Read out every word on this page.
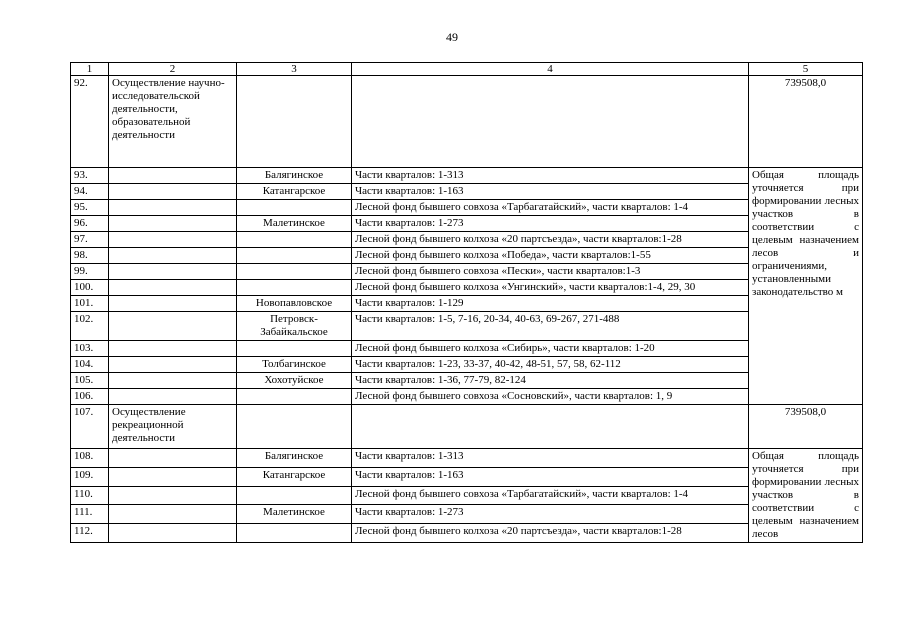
49
1	2	3	4	5
92.	Осуществление научно-исследовательской деятельности, образовательной деятельности			739508,0
93.		Балягинское	Части кварталов: 1-313	Общая площадь уточняется при формировании лесных участков в соответствии с целевым назначением лесов и ограничениями, установленными законодательство м
94.		Катангарское	Части кварталов: 1-163	
95.			Лесной фонд бывшего совхоза «Тарбагатайский», части кварталов: 1-4	
96.		Малетинское	Части кварталов: 1-273	
97.			Лесной фонд бывшего колхоза «20 партсъезда», части кварталов:1-28	
98.			Лесной фонд бывшего колхоза «Победа», части кварталов:1-55	
99.			Лесной фонд бывшего совхоза «Пески», части кварталов:1-3	
100.			Лесной фонд бывшего колхоза «Унгинский», части кварталов:1-4, 29, 30	
101.		Новопавловское	Части кварталов: 1-129	
102.		Петровск-Забайкальское	Части кварталов: 1-5, 7-16, 20-34, 40-63, 69-267, 271-488	
103.			Лесной фонд бывшего колхоза «Сибирь», части кварталов: 1-20	
104.		Толбагинское	Части кварталов: 1-23, 33-37, 40-42, 48-51, 57, 58, 62-112	
105.		Хохотуйское	Части кварталов: 1-36, 77-79, 82-124	
106.			Лесной фонд бывшего совхоза «Сосновский», части кварталов: 1, 9	
107.	Осуществление рекреационной деятельности			739508,0
108.		Балягинское	Части кварталов: 1-313	Общая площадь уточняется при формировании лесных участков в соответствии с целевым назначением лесов
109.		Катангарское	Части кварталов: 1-163	
110.			Лесной фонд бывшего совхоза «Тарбагатайский», части кварталов: 1-4	
111.		Малетинское	Части кварталов: 1-273	
112.			Лесной фонд бывшего колхоза «20 партсъезда», части кварталов:1-28	
